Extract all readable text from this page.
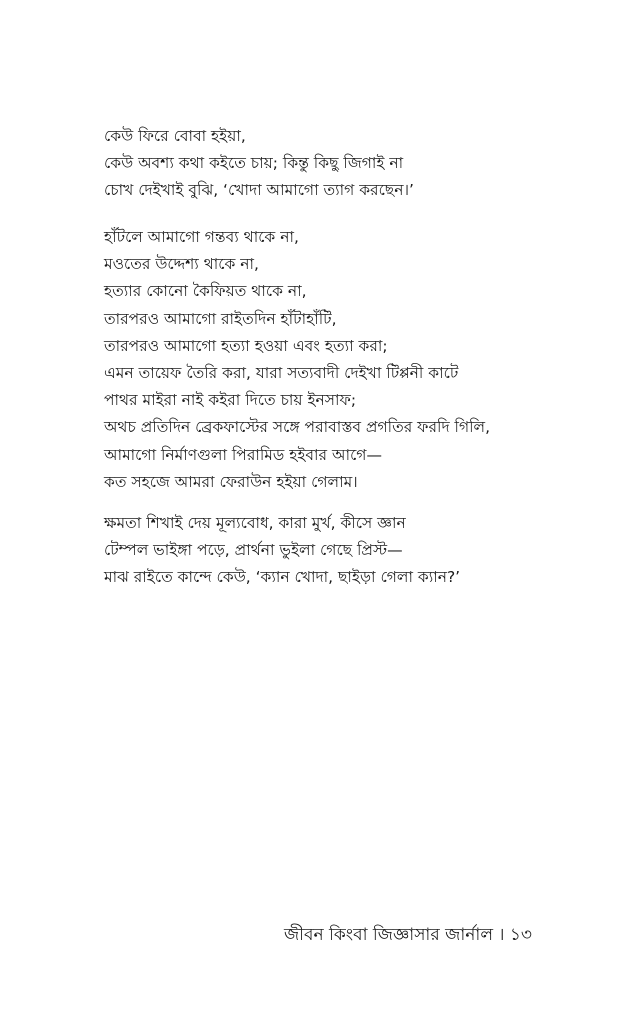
কেউ ফিরে বোবা হইয়া,
কেউ অবশ্য কথা কইতে চায়; কিন্তু কিছু জিগাই না
চোখ দেইখাই বুঝি, ‘খোদা আমাগো ত্যাগ করছেন।’
হাঁটলে আমাগো গন্তব্য থাকে না,
মওতের উদ্দেশ্য থাকে না,
হত্যার কোনো কৈফিয়ত থাকে না,
তারপরও আমাগো রাইতদিন হাঁটাহাঁটি,
তারপরও আমাগো হত্যা হওয়া এবং হত্যা করা;
এমন তায়েফ তৈরি করা, যারা সত্যবাদী দেইখা টিপ্পনী কাটে
পাথর মাইরা নাই কইরা দিতে চায় ইনসাফ;
অথচ প্রতিদিন ব্রেকফাস্টের সঙ্গে পরাবাস্তব প্রগতির ফরদি গিলি,
আমাগো নির্মাণগুলা পিরামিড হইবার আগে—
কত সহজে আমরা ফেরাউন হইয়া গেলাম।
ক্ষমতা শিখাই দেয় মূল্যবোধ, কারা মুর্খ, কীসে জ্ঞান
টেম্পল ভাইঙ্গা পড়ে, প্রার্থনা ভুইলা গেছে প্রিস্ট—
মাঝ রাইতে কান্দে কেউ, ‘ক্যান খোদা, ছাইড়া গেলা ক্যান?’
জীবন কিংবা জিজ্ঞাসার জার্নাল । ১৩
